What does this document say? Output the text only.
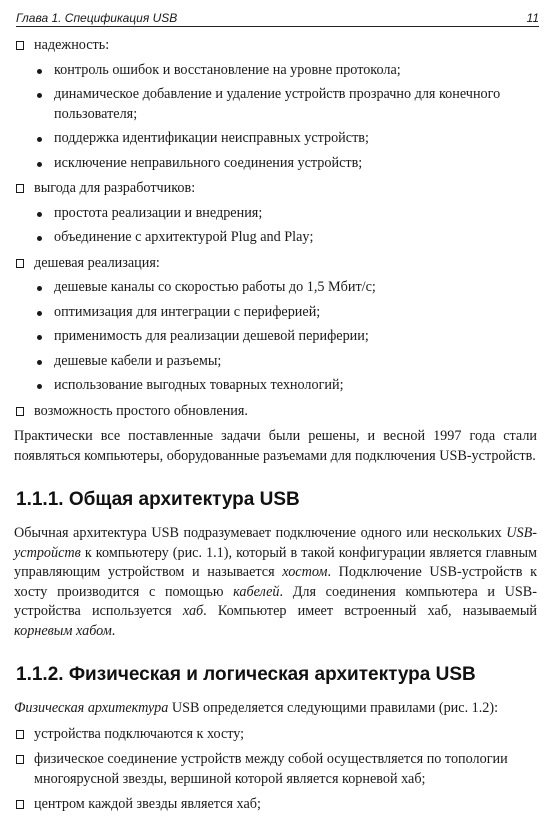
Глава 1. Спецификация USB	11
надежность:
контроль ошибок и восстановление на уровне протокола;
динамическое добавление и удаление устройств прозрачно для конечного пользователя;
поддержка идентификации неисправных устройств;
исключение неправильного соединения устройств;
выгода для разработчиков:
простота реализации и внедрения;
объединение с архитектурой Plug and Play;
дешевая реализация:
дешевые каналы со скоростью работы до 1,5 Мбит/с;
оптимизация для интеграции с периферией;
применимость для реализации дешевой периферии;
дешевые кабели и разъемы;
использование выгодных товарных технологий;
возможность простого обновления.

Практически все поставленные задачи были решены, и весной 1997 года стали появляться компьютеры, оборудованные разъемами для подключения USB-устройств.

1.1.1. Общая архитектура USB

Обычная архитектура USB подразумевает подключение одного или нескольких USB-устройств к компьютеру (рис. 1.1), который в такой конфигурации является главным управляющим устройством и называется хостом. Подключение USB-устройств к хосту производится с помощью кабелей. Для соединения компьютера и USB-устройства используется хаб. Компьютер имеет встроенный хаб, называемый корневым хабом.

1.1.2. Физическая и логическая архитектура USB

Физическая архитектура USB определяется следующими правилами (рис. 1.2):

устройства подключаются к хосту;
физическое соединение устройств между собой осуществляется по топологии многоярусной звезды, вершиной которой является корневой хаб;
центром каждой звезды является хаб;
